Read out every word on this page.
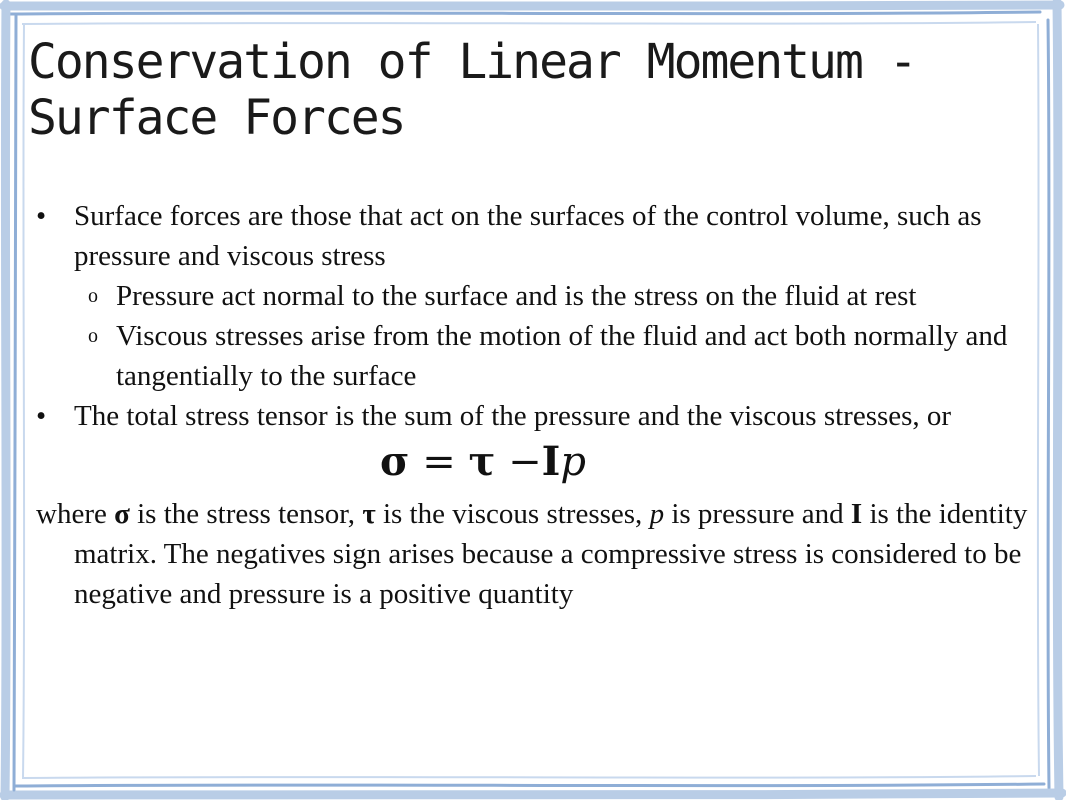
Conservation of Linear Momentum - Surface Forces

• Surface forces are those that act on the surfaces of the control volume, such as pressure and viscous stress

o Pressure act normal to the surface and is the stress on the fluid at rest

o Viscous stresses arise from the motion of the fluid and act both normally and tangentially to the surface

• The total stress tensor is the sum of the pressure and the viscous stresses, or

σ = τ −Ip

where σ is the stress tensor, τ is the viscous stresses, p is pressure and I is the identity matrix. The negatives sign arises because a compressive stress is considered to be negative and pressure is a positive quantity
